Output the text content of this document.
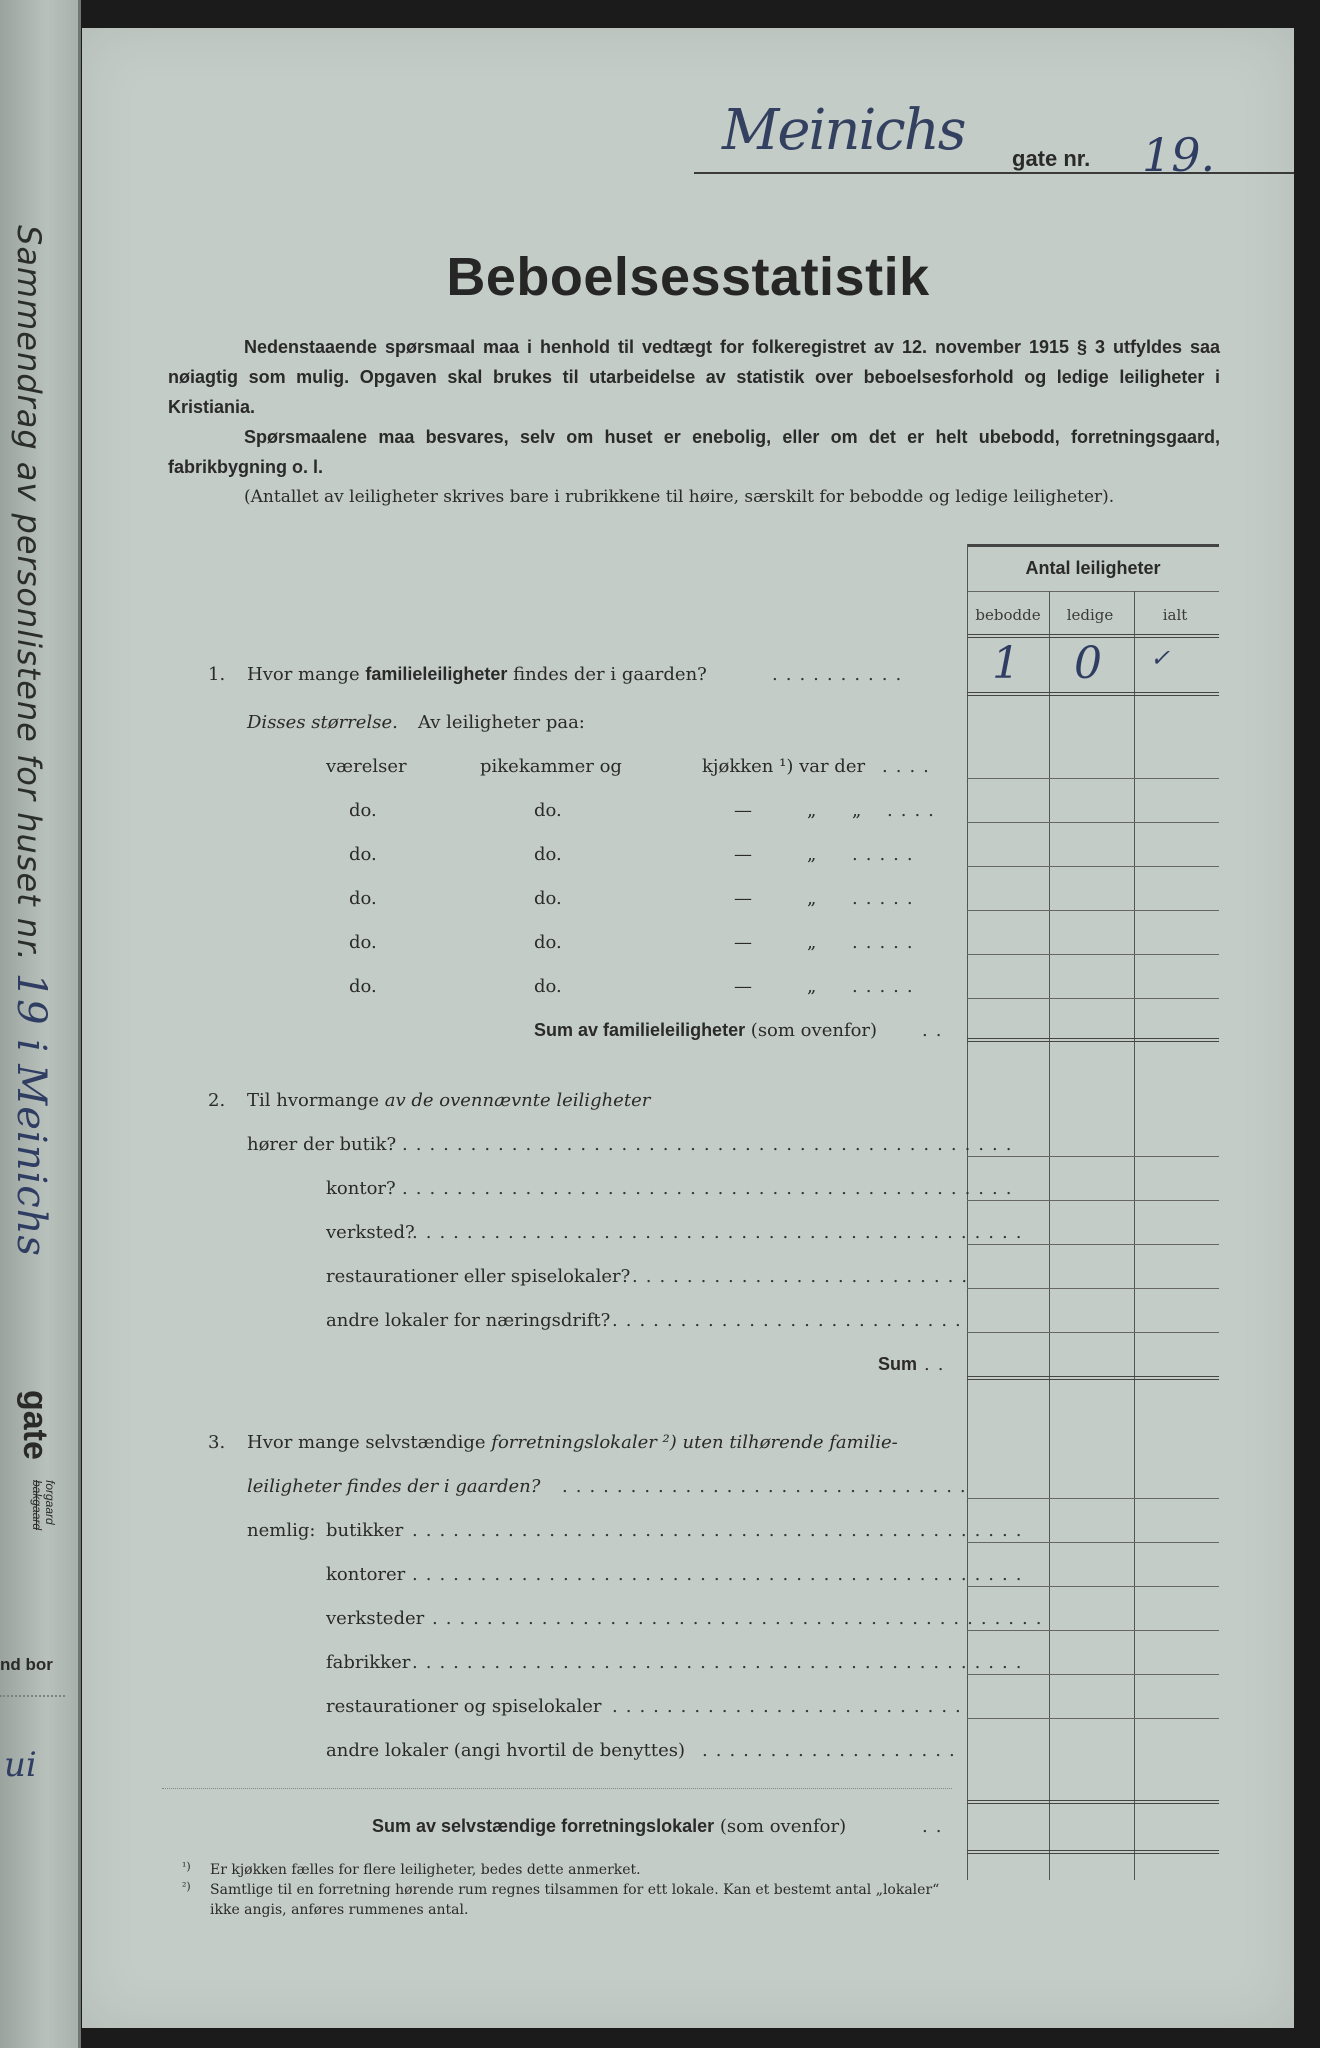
Sammendrag av personlistene for huset nr. 19 i Meinichs
gate
forgaard
bakgaard
nd bor
ui
Meinichs gate nr. 19.
Beboelsesstatistik

Nedenstaaende spørsmaal maa i henhold til vedtægt for folkeregistret av 12. november 1915 § 3 utfyldes saa nøiagtig som mulig. Opgaven skal brukes til utarbeidelse av statistik over beboelsesforhold og ledige leiligheter i Kristiania.

Spørsmaalene maa besvares, selv om huset er enebolig, eller om det er helt ubebodd, forretningsgaard, fabrikbygning o. l.

(Antallet av leiligheter skrives bare i rubrikkene til høire, særskilt for bebodde og ledige leiligheter).

Antal leiligheter
bebodde	ledige	ialt
1. Hvor mange familieleiligheter findes der i gaarden?	..........	1 0 ✓
Disses størrelse. Av leiligheter paa:
værelser	pikekammer og	kjøkken ¹) var der ....
do.	do.	—	„ „ ....
do.	do.	—	„ .....
do.	do.	—	„ .....
do.	do.	—	„ .....
do.	do.	—	„ .....
Sum av familieleiligheter (som ovenfor) ..
2. Til hvormange av de ovennævnte leiligheter
hører der butik? .............................................
kontor? .............................................
verksted?
.............................................
restaurationer eller spiselokaler? .........................
andre lokaler for næringsdrift? ..........................
Sum ..
3. Hvor mange selvstændige forretningslokaler ²) uten tilhørende familie-
leiligheter findes der i gaarden? ..............................
nemlig: butikker .............................................
kontorer .............................................
verksteder .............................................
fabrikker .............................................
restaurationer og spiselokaler ..........................
andre lokaler (angi hvortil de benyttes) ...................
Sum av selvstændige forretningslokaler (som ovenfor)	..
¹) Er kjøkken fælles for flere leiligheter, bedes dette anmerket.
²) Samtlige til en forretning hørende rum regnes tilsammen for ett lokale. Kan et bestemt antal „lokaler“ ikke angis, anføres rummenes antal.
